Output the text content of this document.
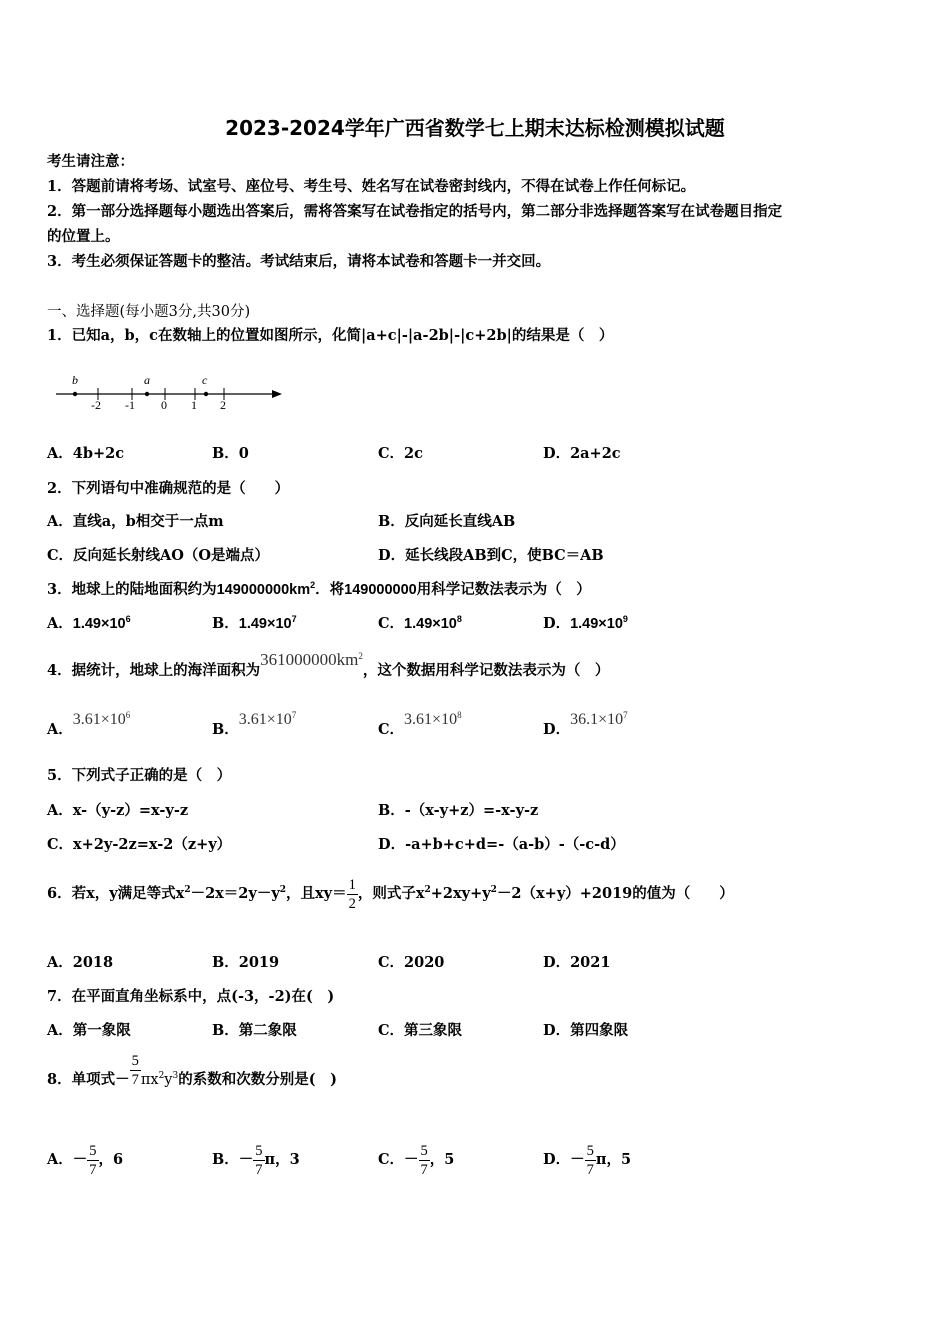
2023-2024学年广西省数学七上期末达标检测模拟试题
考生请注意：
1．答题前请将考场、试室号、座位号、考生号、姓名写在试卷密封线内，不得在试卷上作任何标记。
2．第一部分选择题每小题选出答案后，需将答案写在试卷指定的括号内，第二部分非选择题答案写在试卷题目指定
的位置上。
3．考生必须保证答题卡的整洁。考试结束后，请将本试卷和答题卡一并交回。
一、选择题(每小题3分,共30分)
1．已知a，b，c在数轴上的位置如图所示，化简|a+c|-|a-2b|-|c+2b|的结果是（　）
b	a	c
-2 -1 0 1 2
A．4b+2c	B．0	C．2c	D．2a+2c
2．下列语句中准确规范的是（　　）
A．直线a，b相交于一点m	B．反向延长直线AB
C．反向延长射线AO（O是端点）	D．延长线段AB到C，使BC＝AB
3．地球上的陆地面积约为$149000000km^2$．将149000000用科学记数法表示为（　）
A．$1.49\times 10^6$	B．$1.49\times 10^7$	C．$1.49\times 10^8$	D．$1.49\times 10^9$
4．据统计，地球上的海洋面积为$361000000km^2$，这个数据用科学记数法表示为（　）
A．$3.61\times 10^6$
B．$3.61\times 10^7$
C．$3.61\times 10^8$
D．$36.1\times 10^7$
5．下列式子正确的是（　）
A．x-（y-z）=x-y-z	B．-（x-y+z）=-x-y-z
C．x+2y-2z=x-2（z+y）	D．-a+b+c+d=-（a-b）-（-c-d）
6．若x，y满足等式$x^2-2x=2y-y^2$，且$xy= \frac{1}{2}$ ，则式子$x^2+2xy+y^2-2(x+y)+2019$的值为（　　）
A．2018	B．2019	C．2020	D．2021
7．在平面直角坐标系中，点(-3，-2)在(　)
A．第一象限	B．第二象限	C．第三象限	D．第四象限
8．单项式－ $\frac{5}{7} \pi x^2y^3$的系数和次数分别是(　)
A．－ $\frac{5}{7}$ ，6	B．－ $\frac{5}{7}$ π，3	C．－ $\frac{5}{7}$ ，5	D．－ $\frac{5}{7}$ π，5
